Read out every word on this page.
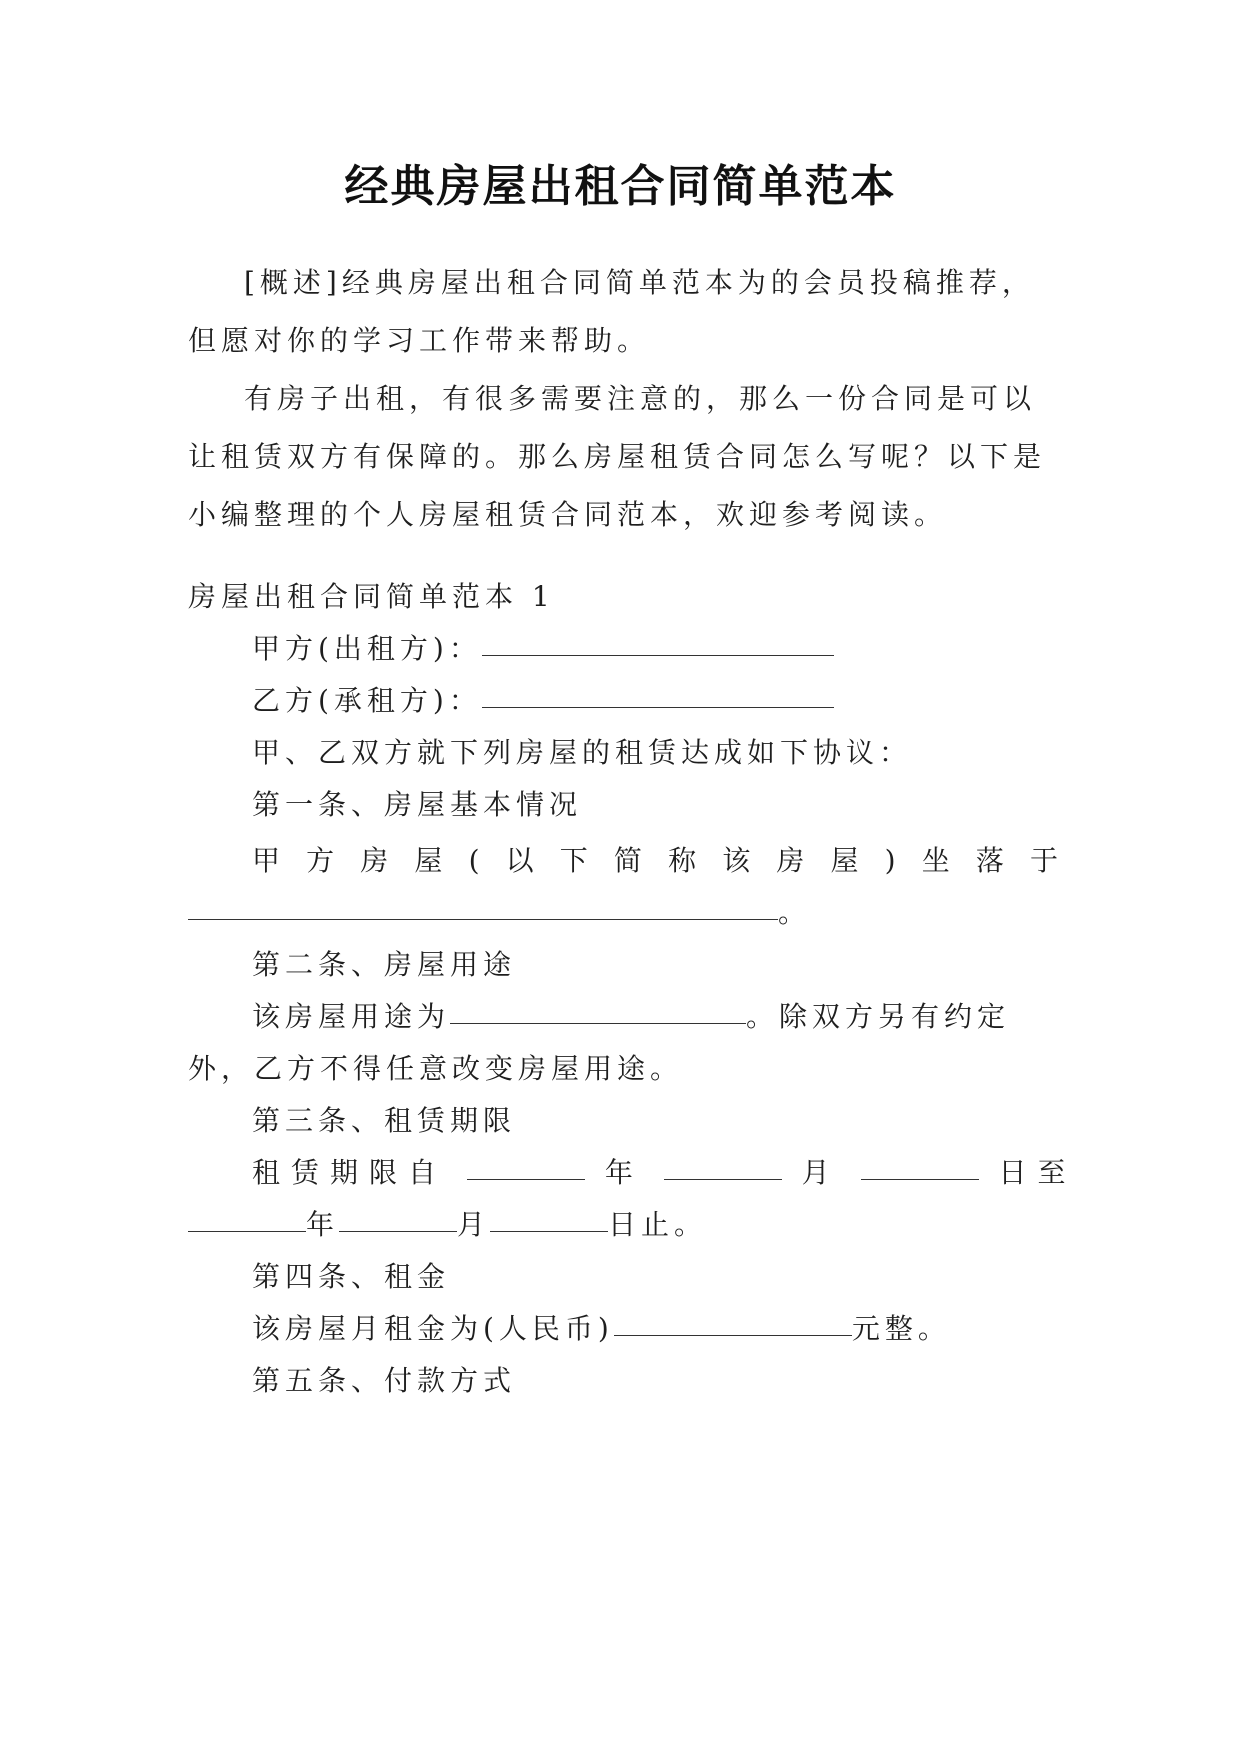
经典房屋出租合同简单范本

[概述]经典房屋出租合同简单范本为的会员投稿推荐，但愿对你的学习工作带来帮助。

有房子出租，有很多需要注意的，那么一份合同是可以让租赁双方有保障的。那么房屋租赁合同怎么写呢？以下是小编整理的个人房屋租赁合同范本，欢迎参考阅读。

房屋出租合同简单范本 1
甲方(出租方)：
乙方(承租方)：
甲、乙双方就下列房屋的租赁达成如下协议：
第一条、房屋基本情况
甲方房屋(以下简称该房屋)坐落于
。
第二条、房屋用途
该房屋用途为	。除双方另有约定
外，乙方不得任意改变房屋用途。
第三条、租赁期限
租赁期限自	年	月	日至
年	月	日止。
第四条、租金
该房屋月租金为(人民币)	元整。
第五条、付款方式
